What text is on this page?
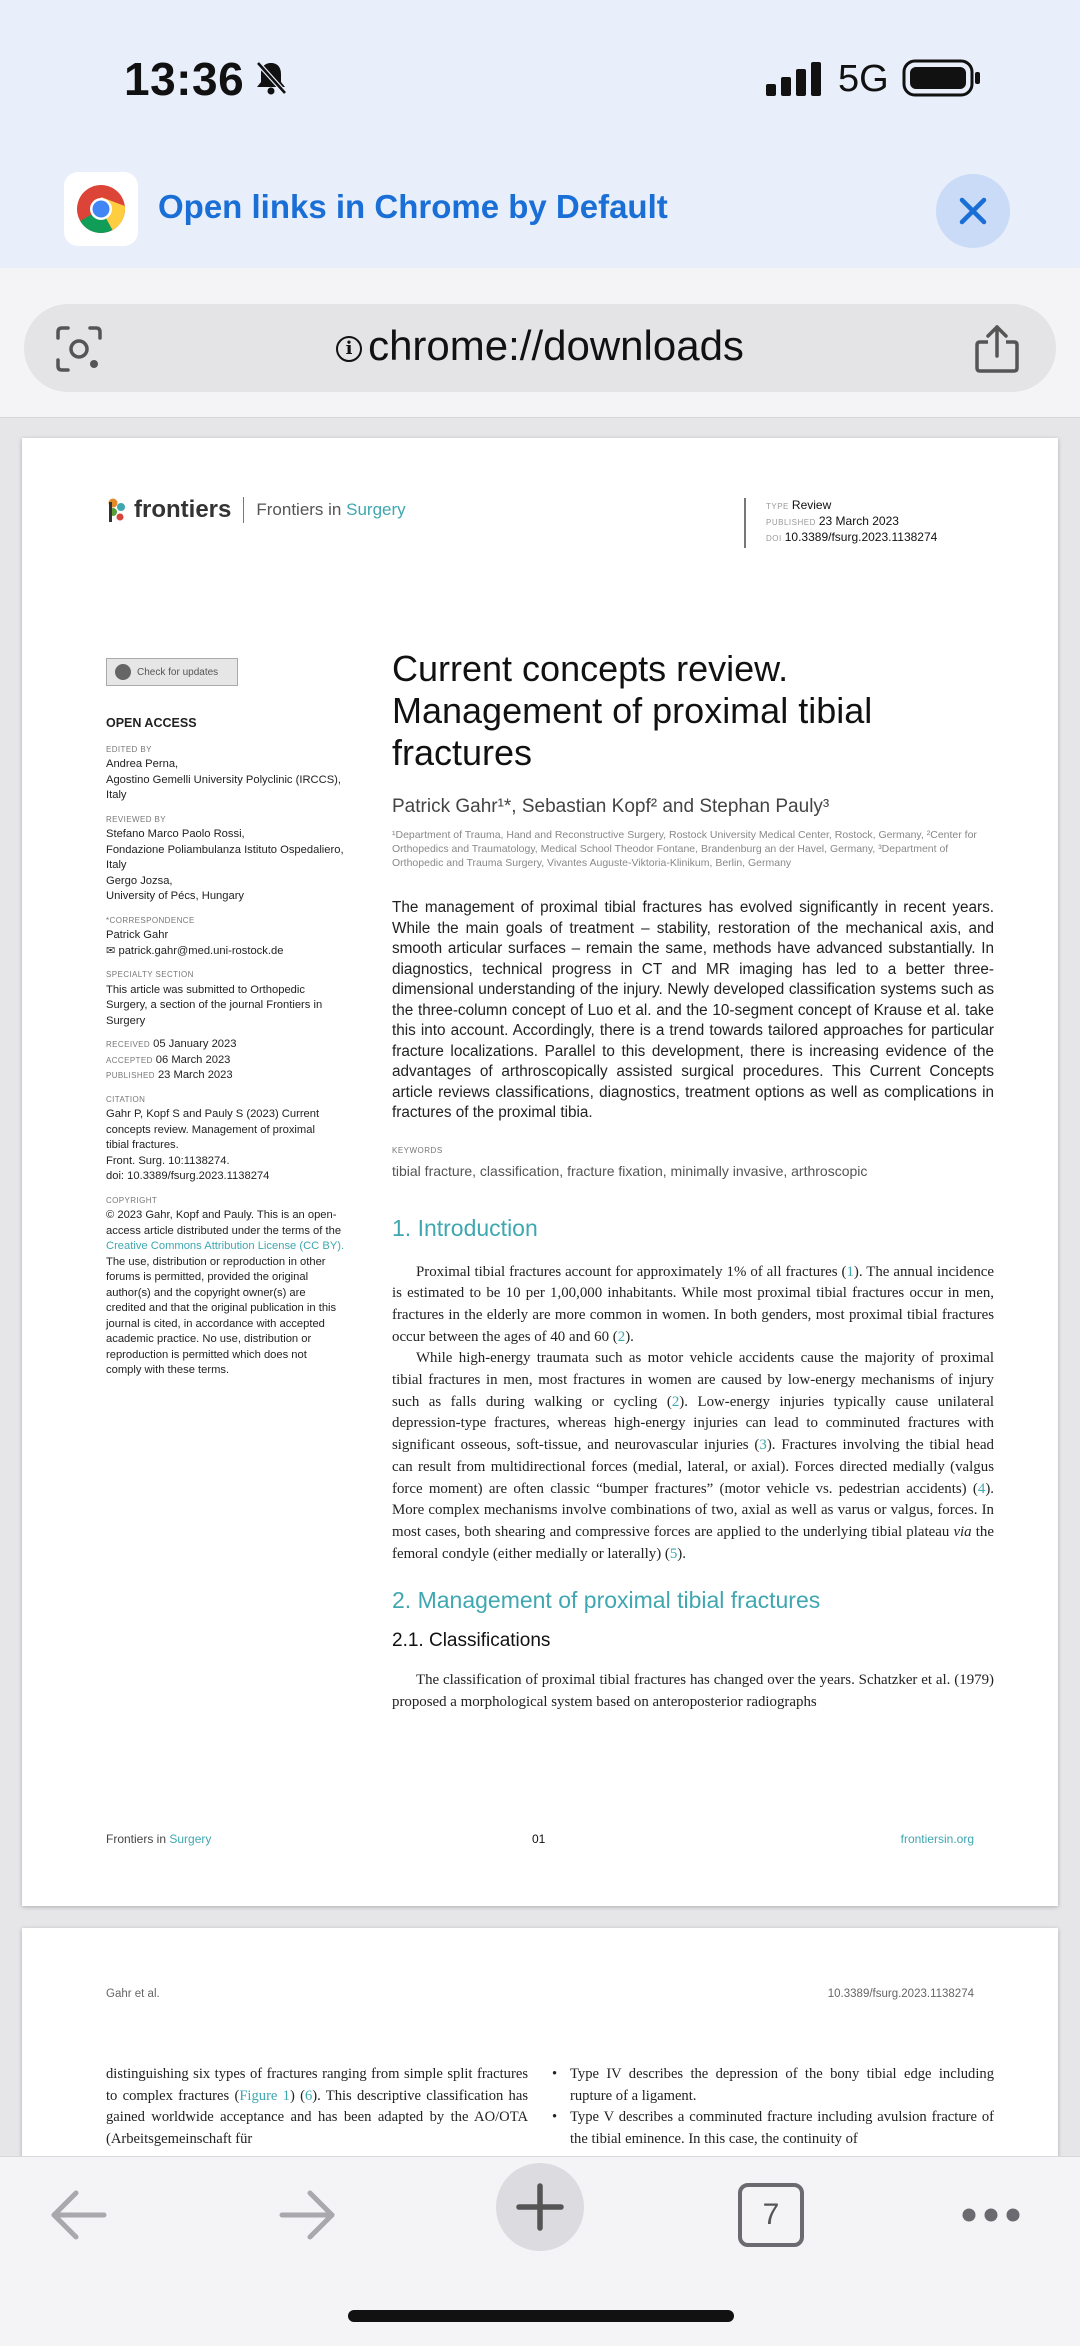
13:36	5G
Open links in Chrome by Default
i chrome://downloads
frontiers Frontiers in Surgery	TYPE Review
PUBLISHED 23 March 2023
DOI 10.3389/fsurg.2023.1138274
Check for updates
OPEN ACCESS
EDITED BY
Andrea Perna,
Agostino Gemelli University Polyclinic (IRCCS),
Italy
REVIEWED BY
Stefano Marco Paolo Rossi,
Fondazione Poliambulanza Istituto Ospedaliero,
Italy
Gergo Jozsa,
University of Pécs, Hungary
*CORRESPONDENCE
Patrick Gahr
✉ patrick.gahr@med.uni-rostock.de
SPECIALTY SECTION
This article was submitted to Orthopedic
Surgery, a section of the journal Frontiers in
Surgery
RECEIVED 05 January 2023
ACCEPTED 06 March 2023
PUBLISHED 23 March 2023
CITATION
Gahr P, Kopf S and Pauly S (2023) Current
concepts review. Management of proximal
tibial fractures.
Front. Surg. 10:1138274.
doi: 10.3389/fsurg.2023.1138274
COPYRIGHT
© 2023 Gahr, Kopf and Pauly. This is an open-
access article distributed under the terms of the
Creative Commons Attribution License (CC BY).
The use, distribution or reproduction in other
forums is permitted, provided the original
author(s) and the copyright owner(s) are
credited and that the original publication in this
journal is cited, in accordance with accepted
academic practice. No use, distribution or
reproduction is permitted which does not
comply with these terms.
Current concepts review. Management of proximal tibial fractures
Patrick Gahr¹*, Sebastian Kopf² and Stephan Pauly³
¹Department of Trauma, Hand and Reconstructive Surgery, Rostock University Medical Center, Rostock, Germany, ²Center for Orthopedics and Traumatology, Medical School Theodor Fontane, Brandenburg an der Havel, Germany, ³Department of Orthopedic and Trauma Surgery, Vivantes Auguste-Viktoria-Klinikum, Berlin, Germany
The management of proximal tibial fractures has evolved significantly in recent years. While the main goals of treatment – stability, restoration of the mechanical axis, and smooth articular surfaces – remain the same, methods have advanced substantially. In diagnostics, technical progress in CT and MR imaging has led to a better three-dimensional understanding of the injury. Newly developed classification systems such as the three-column concept of Luo et al. and the 10-segment concept of Krause et al. take this into account. Accordingly, there is a trend towards tailored approaches for particular fracture localizations. Parallel to this development, there is increasing evidence of the advantages of arthroscopically assisted surgical procedures. This Current Concepts article reviews classifications, diagnostics, treatment options as well as complications in fractures of the proximal tibia.
KEYWORDS
tibial fracture, classification, fracture fixation, minimally invasive, arthroscopic
1. Introduction

Proximal tibial fractures account for approximately 1% of all fractures (1). The annual incidence is estimated to be 10 per 1,00,000 inhabitants. While most proximal tibial fractures occur in men, fractures in the elderly are more common in women. In both genders, most proximal tibial fractures occur between the ages of 40 and 60 (2).

While high-energy traumata such as motor vehicle accidents cause the majority of proximal tibial fractures in men, most fractures in women are caused by low-energy mechanisms of injury such as falls during walking or cycling (2). Low-energy injuries typically cause unilateral depression-type fractures, whereas high-energy injuries can lead to comminuted fractures with significant osseous, soft-tissue, and neurovascular injuries (3). Fractures involving the tibial head can result from multidirectional forces (medial, lateral, or axial). Forces directed medially (valgus force moment) are often classic “bumper fractures” (motor vehicle vs. pedestrian accidents) (4). More complex mechanisms involve combinations of two, axial as well as varus or valgus, forces. In most cases, both shearing and compressive forces are applied to the underlying tibial plateau via the femoral condyle (either medially or laterally) (5).

2. Management of proximal tibial fractures
2.1. Classifications

The classification of proximal tibial fractures has changed over the years. Schatzker et al. (1979) proposed a morphological system based on anteroposterior radiographs

Frontiers in Surgery	01	frontiersin.org
Gahr et al.	10.3389/fsurg.2023.1138274
distinguishing six types of fractures ranging from simple split fractures to complex fractures (Figure 1) (6). This descriptive classification has gained worldwide acceptance and has been adapted by the AO/OTA (Arbeitsgemeinschaft für
• Type IV describes the depression of the bony tibial edge including rupture of a ligament.
• Type V describes a comminuted fracture including avulsion fracture of the tibial eminence. In this case, the continuity of
7
